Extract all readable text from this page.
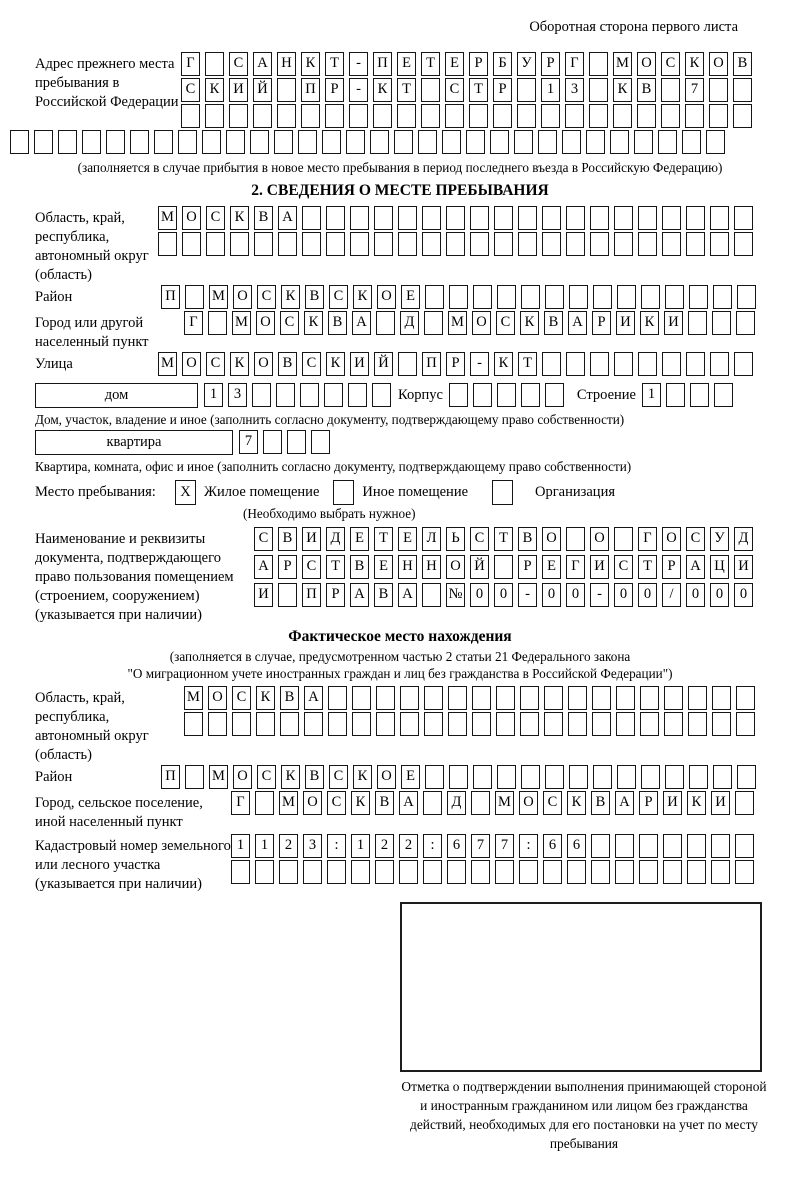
Оборотная сторона первого листа
Адрес прежнего места пребывания в Российской Федерации
Г	С А Н К Т - П Е Т Е Р Б У Р Г	М О С К О В
С К И Й	П Р - К Т	С Т Р	1 3	К В	7
(заполняется в случае прибытия в новое место пребывания в период последнего въезда в Российскую Федерацию)
2. СВЕДЕНИЯ О МЕСТЕ ПРЕБЫВАНИЯ
Область, край, республика, автономный округ (область)
М О С К В А
Район	П	М О С К В С К О Е
Город или другой населенный пункт
Г	М О С К В А	Д	М О С К В А Р И К И
Улица	М О С К О В С К И Й	П Р - К Т
дом	1 3	Корпус	Строение 1
Дом, участок, владение и иное (заполнить согласно документу, подтверждающему право собственности)
квартира	7
Квартира, комната, офис и иное (заполнить согласно документу, подтверждающему право собственности)
Место пребывания: X Жилое помещение	Иное помещение	Организация
(Необходимо выбрать нужное)
Наименование и реквизиты документа, подтверждающего право пользования помещением (строением, сооружением) (указывается при наличии)
С В И Д Е Т Е Л Ь С Т В О	О	Г О С У Д
А Р С Т В Е Н Н О Й	Р Е Г И С Т Р А Ц И
И	П Р А В А № 0 0 - 0 0 - 0 0 / 0 0 0
Фактическое место нахождения
(заполняется в случае, предусмотренном частью 2 статьи 21 Федерального закона
"О миграционном учете иностранных граждан и лиц без гражданства в Российской Федерации")
Область, край, республика, автономный округ (область)
М О С К В А
Район	П	М О С К В С К О Е
Город, сельское поселение, иной населенный пункт
Г	М О С К В А	Д	М О С К В А Р И К И
Кадастровый номер земельного или лесного участка (указывается при наличии)
1 1 2 3 : 1 2 2 : 6 7 7 : 6 6
Отметка о подтверждении выполнения принимающей стороной и иностранным гражданином или лицом без гражданства действий, необходимых для его постановки на учет по месту пребывания
